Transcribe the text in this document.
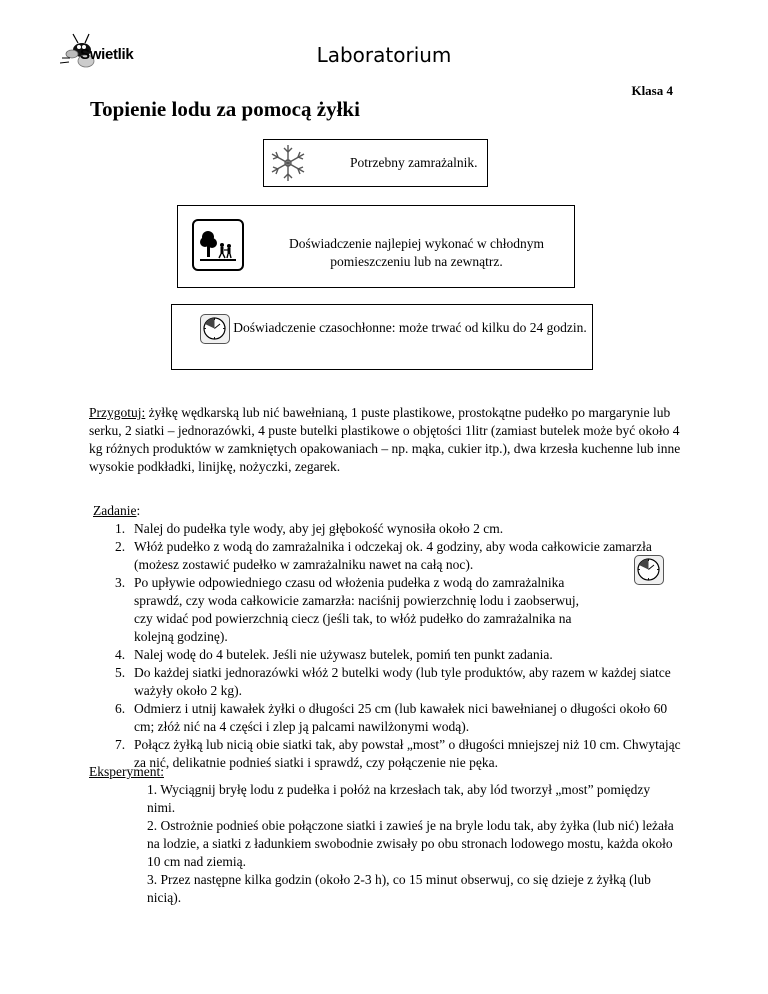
Swietlik	Laboratorium
Klasa 4
Topienie lodu za pomocą żyłki
Potrzebny zamrażalnik.
Doświadczenie najlepiej wykonać w chłodnym pomieszczeniu lub na zewnątrz.
Doświadczenie czasochłonne: może trwać od kilku do 24 godzin.
Przygotuj: żyłkę wędkarską lub nić bawełnianą, 1 puste plastikowe, prostokątne pudełko po margarynie lub serku, 2 siatki – jednorazówki, 4 puste butelki plastikowe o objętości 1litr (zamiast butelek może być około 4 kg różnych produktów w zamkniętych opakowaniach – np. mąka, cukier itp.), dwa krzesła kuchenne lub inne wysokie podkładki, linijkę, nożyczki, zegarek.
Zadanie:
1. Nalej do pudełka tyle wody, aby jej głębokość wynosiła około 2 cm.
2. Włóż pudełko z wodą do zamrażalnika i odczekaj ok. 4 godziny, aby woda całkowicie zamarzła (możesz zostawić pudełko w zamrażalniku nawet na całą noc).
3. Po upływie odpowiedniego czasu od włożenia pudełka z wodą do zamrażalnika sprawdź, czy woda całkowicie zamarzła: naciśnij powierzchnię lodu i zaobserwuj, czy widać pod powierzchnią ciecz (jeśli tak, to włóż pudełko do zamrażalnika na kolejną godzinę).
4. Nalej wodę do 4 butelek. Jeśli nie używasz butelek, pomiń ten punkt zadania.
5. Do każdej siatki jednorazówki włóż 2 butelki wody (lub tyle produktów, aby razem w każdej siatce ważyły około 2 kg).
6. Odmierz i utnij kawałek żyłki o długości 25 cm (lub kawałek nici bawełnianej o długości około 60 cm; złóż nić na 4 części i zlep ją palcami nawilżonymi wodą).
7. Połącz żyłką lub nicią obie siatki tak, aby powstał „most” o długości mniejszej niż 10 cm. Chwytając za nić, delikatnie podnieś siatki i sprawdź, czy połączenie nie pęka.
Eksperyment:
1. Wyciągnij bryłę lodu z pudełka i połóż na krzesłach tak, aby lód tworzył „most” pomiędzy nimi.
2. Ostrożnie podnieś obie połączone siatki i zawieś je na bryle lodu tak, aby żyłka (lub nić) leżała na lodzie, a siatki z ładunkiem swobodnie zwisały po obu stronach lodowego mostu, każda około 10 cm nad ziemią.
3. Przez następne kilka godzin (około 2-3 h), co 15 minut obserwuj, co się dzieje z żyłką (lub nicią).
